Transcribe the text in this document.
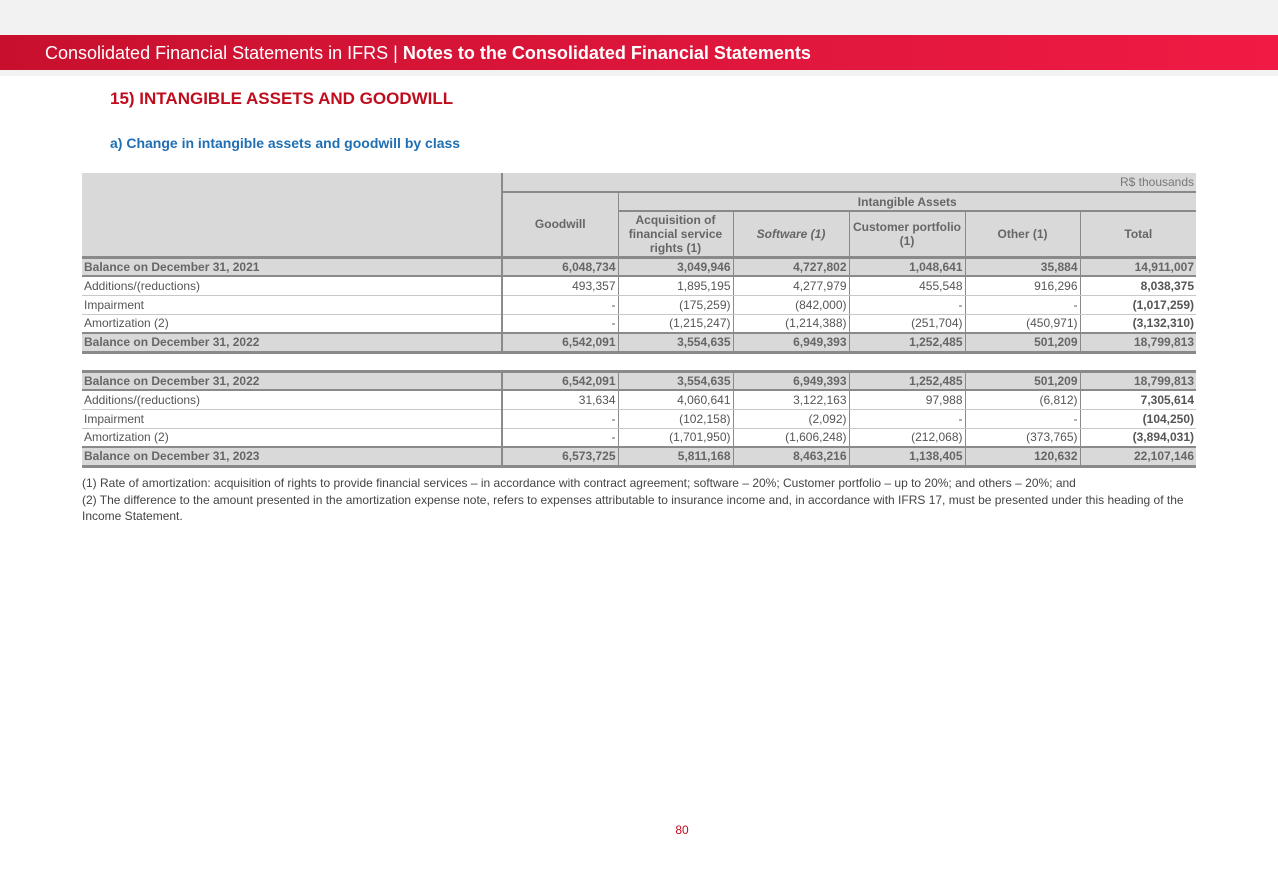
Consolidated Financial Statements in IFRS | Notes to the Consolidated Financial Statements
15) INTANGIBLE ASSETS AND GOODWILL
a) Change in intangible assets and goodwill by class
	R$ thousands					
	Goodwill	Intangible Assets				
		Acquisition of financial service rights (1)	Software (1)	Customer portfolio (1)	Other (1)	Total
Balance on December 31, 2021	6,048,734	3,049,946	4,727,802	1,048,641	35,884	14,911,007
Additions/(reductions)	493,357	1,895,195	4,277,979	455,548	916,296	8,038,375
Impairment	-	(175,259)	(842,000)	-	-	(1,017,259)
Amortization (2)	-	(1,215,247)	(1,214,388)	(251,704)	(450,971)	(3,132,310)
Balance on December 31, 2022	6,542,091	3,554,635	6,949,393	1,252,485	501,209	18,799,813

Balance on December 31, 2022	6,542,091	3,554,635	6,949,393	1,252,485	501,209	18,799,813
Additions/(reductions)	31,634	4,060,641	3,122,163	97,988	(6,812)	7,305,614
Impairment	-	(102,158)	(2,092)	-	-	(104,250)
Amortization (2)	-	(1,701,950)	(1,606,248)	(212,068)	(373,765)	(3,894,031)
Balance on December 31, 2023	6,573,725	5,811,168	8,463,216	1,138,405	120,632	22,107,146
(1) Rate of amortization: acquisition of rights to provide financial services – in accordance with contract agreement; software – 20%; Customer portfolio – up to 20%; and others – 20%; and
(2) The difference to the amount presented in the amortization expense note, refers to expenses attributable to insurance income and, in accordance with IFRS 17, must be presented under this heading of the Income Statement.
80
